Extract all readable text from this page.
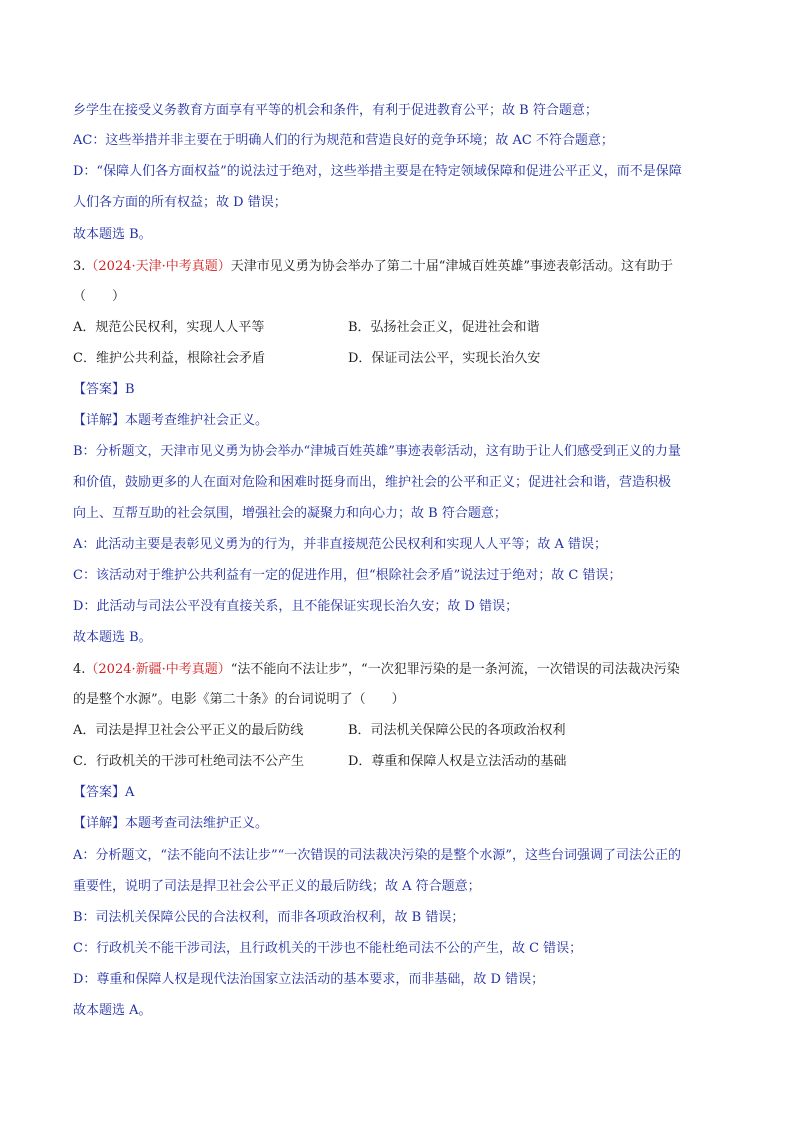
乡学生在接受义务教育方面享有平等的机会和条件，有利于促进教育公平；故 B 符合题意；
AC：这些举措并非主要在于明确人们的行为规范和营造良好的竞争环境；故 AC 不符合题意；
D：“保障人们各方面权益”的说法过于绝对，这些举措主要是在特定领域保障和促进公平正义，而不是保障
人们各方面的所有权益；故 D 错误；
故本题选 B。
3.（2024·天津·中考真题）天津市见义勇为协会举办了第二十届“津城百姓英雄”事迹表彰活动。这有助于
（　　）
A．规范公民权利，实现人人平等	B．弘扬社会正义，促进社会和谐
C．维护公共利益，根除社会矛盾	D．保证司法公平，实现长治久安
【答案】B
【详解】本题考查维护社会正义。
B：分析题文，天津市见义勇为协会举办“津城百姓英雄”事迹表彰活动，这有助于让人们感受到正义的力量
和价值，鼓励更多的人在面对危险和困难时挺身而出，维护社会的公平和正义；促进社会和谐，营造积极
向上、互帮互助的社会氛围，增强社会的凝聚力和向心力；故 B 符合题意；
A：此活动主要是表彰见义勇为的行为，并非直接规范公民权利和实现人人平等；故 A 错误；
C：该活动对于维护公共利益有一定的促进作用，但“根除社会矛盾”说法过于绝对；故 C 错误；
D：此活动与司法公平没有直接关系，且不能保证实现长治久安；故 D 错误；
故本题选 B。
4.（2024·新疆·中考真题）“法不能向不法让步”，“一次犯罪污染的是一条河流，一次错误的司法裁决污染
的是整个水源”。电影《第二十条》的台词说明了（　　）
A．司法是捍卫社会公平正义的最后防线	B．司法机关保障公民的各项政治权利
C．行政机关的干涉可杜绝司法不公产生	D．尊重和保障人权是立法活动的基础
【答案】A
【详解】本题考查司法维护正义。
A：分析题文，“法不能向不法让步”“一次错误的司法裁决污染的是整个水源”，这些台词强调了司法公正的
重要性，说明了司法是捍卫社会公平正义的最后防线；故 A 符合题意；
B：司法机关保障公民的合法权利，而非各项政治权利，故 B 错误；
C：行政机关不能干涉司法，且行政机关的干涉也不能杜绝司法不公的产生，故 C 错误；
D：尊重和保障人权是现代法治国家立法活动的基本要求，而非基础，故 D 错误；
故本题选 A。
